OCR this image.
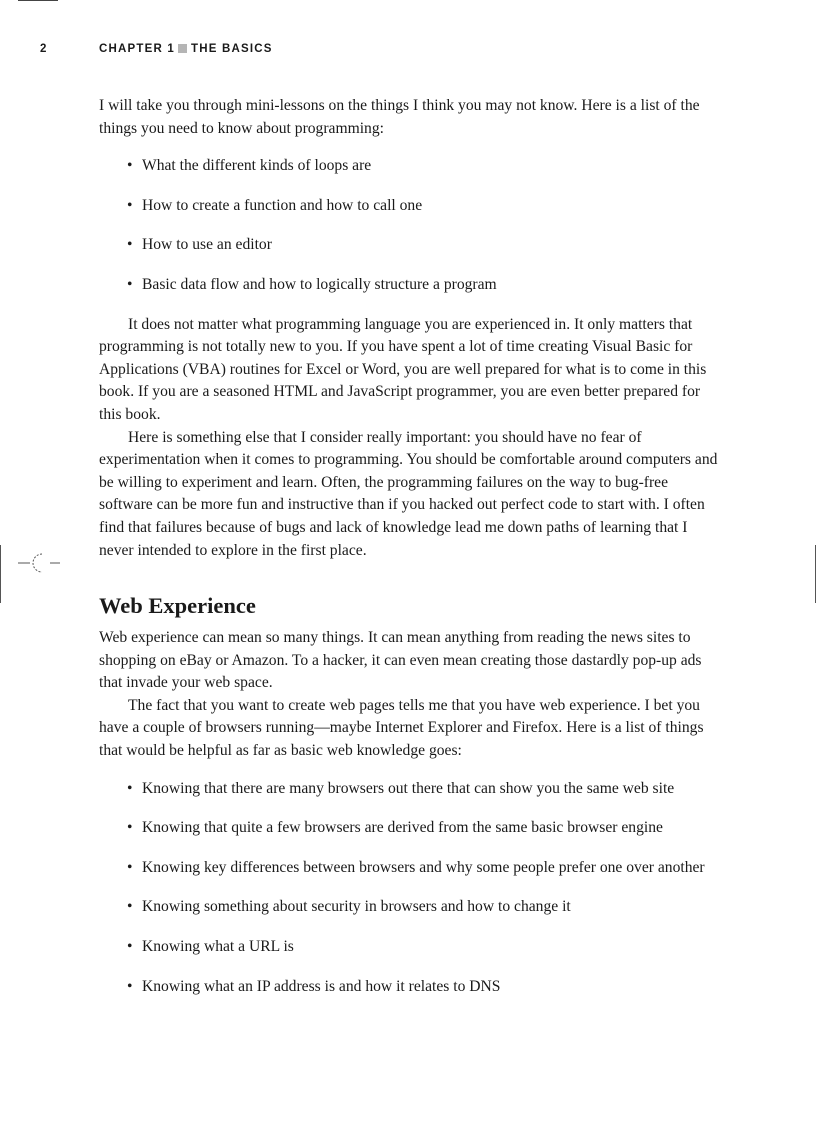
2	CHAPTER 1 THE BASICS

I will take you through mini-lessons on the things I think you may not know. Here is a list of the things you need to know about programming:

• What the different kinds of loops are
• How to create a function and how to call one
• How to use an editor
• Basic data flow and how to logically structure a program

It does not matter what programming language you are experienced in. It only matters that programming is not totally new to you. If you have spent a lot of time creating Visual Basic for Applications (VBA) routines for Excel or Word, you are well prepared for what is to come in this book. If you are a seasoned HTML and JavaScript programmer, you are even better prepared for this book.

Here is something else that I consider really important: you should have no fear of experimentation when it comes to programming. You should be comfortable around computers and be willing to experiment and learn. Often, the programming failures on the way to bug-free software can be more fun and instructive than if you hacked out perfect code to start with. I often find that failures because of bugs and lack of knowledge lead me down paths of learning that I never intended to explore in the first place.

Web Experience

Web experience can mean so many things. It can mean anything from reading the news sites to shopping on eBay or Amazon. To a hacker, it can even mean creating those dastardly pop-up ads that invade your web space.

The fact that you want to create web pages tells me that you have web experience. I bet you have a couple of browsers running—maybe Internet Explorer and Firefox. Here is a list of things that would be helpful as far as basic web knowledge goes:

• Knowing that there are many browsers out there that can show you the same web site
• Knowing that quite a few browsers are derived from the same basic browser engine
• Knowing key differences between browsers and why some people prefer one over another
• Knowing something about security in browsers and how to change it
• Knowing what a URL is
• Knowing what an IP address is and how it relates to DNS
